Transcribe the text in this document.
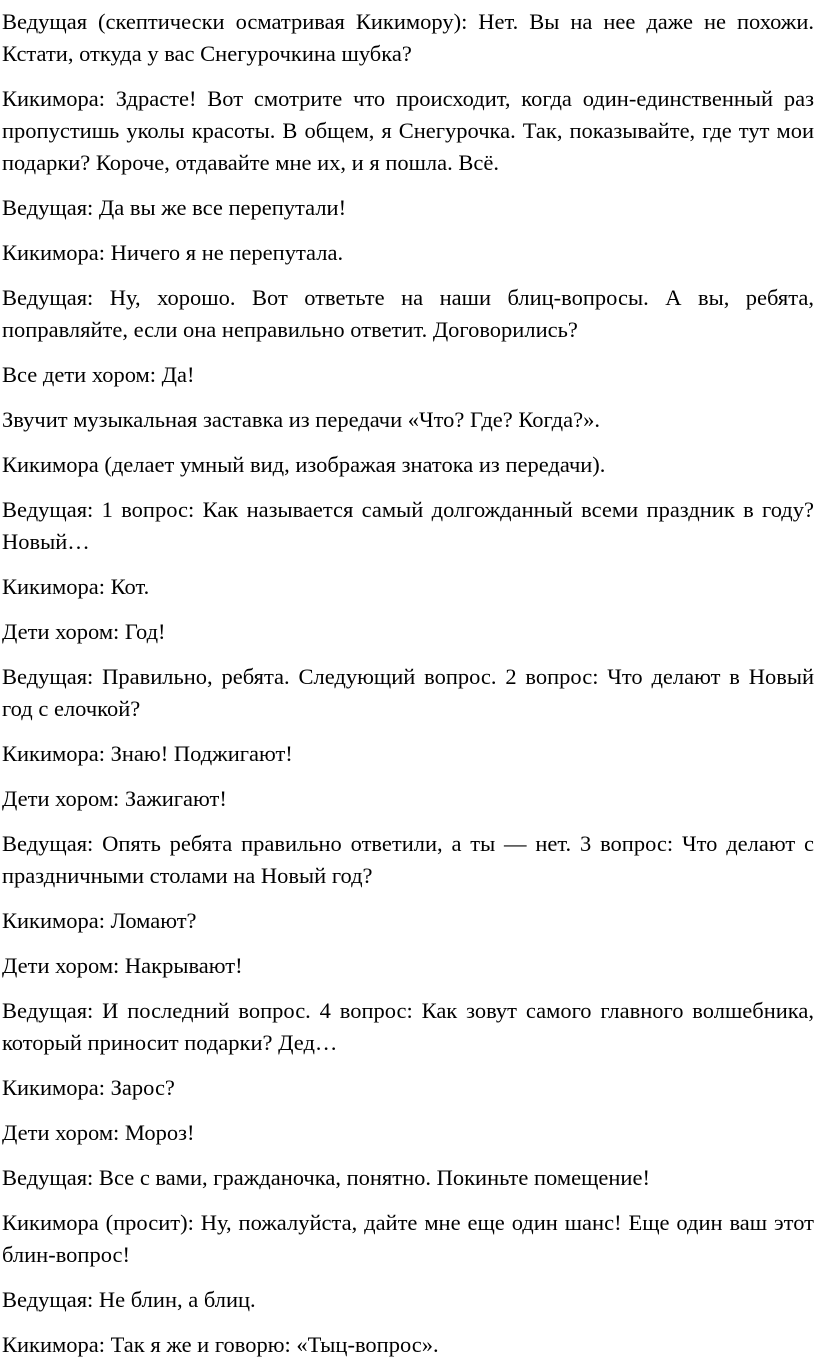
Ведущая (скептически осматривая Кикимору): Нет. Вы на нее даже не похожи. Кстати, откуда у вас Снегурочкина шубка?

Кикимора: Здрасте! Вот смотрите что происходит, когда один-единственный раз пропустишь уколы красоты. В общем, я Снегурочка. Так, показывайте, где тут мои подарки? Короче, отдавайте мне их, и я пошла. Всё.

Ведущая: Да вы же все перепутали!

Кикимора: Ничего я не перепутала.

Ведущая: Ну, хорошо. Вот ответьте на наши блиц-вопросы. А вы, ребята, поправляйте, если она неправильно ответит. Договорились?

Все дети хором: Да!

Звучит музыкальная заставка из передачи «Что? Где? Когда?».

Кикимора (делает умный вид, изображая знатока из передачи).

Ведущая: 1 вопрос: Как называется самый долгожданный всеми праздник в году? Новый…

Кикимора: Кот.

Дети хором: Год!

Ведущая: Правильно, ребята. Следующий вопрос. 2 вопрос: Что делают в Новый год с елочкой?

Кикимора: Знаю! Поджигают!

Дети хором: Зажигают!

Ведущая: Опять ребята правильно ответили, а ты — нет. 3 вопрос: Что делают с праздничными столами на Новый год?

Кикимора: Ломают?

Дети хором: Накрывают!

Ведущая: И последний вопрос. 4 вопрос: Как зовут самого главного волшебника, который приносит подарки? Дед…

Кикимора: Зарос?

Дети хором: Мороз!

Ведущая: Все с вами, гражданочка, понятно. Покиньте помещение!

Кикимора (просит): Ну, пожалуйста, дайте мне еще один шанс! Еще один ваш этот блин-вопрос!

Ведущая: Не блин, а блиц.

Кикимора: Так я же и говорю: «Тыц-вопрос».
